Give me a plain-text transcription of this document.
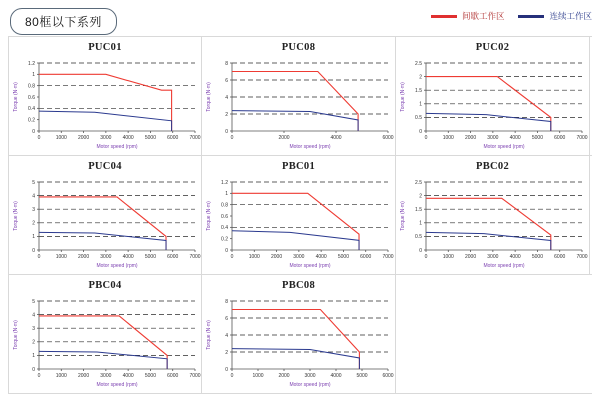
80框以下系列	间歇工作区	连续工作区
PUC01
0
0.2
0.4
0.6
0.8
1
1.2
0	1000 2000 3000 4000 5000 6000 7000
Motor speed (rpm)
Torque (N·m)
PUC08
0
2
4
6
8
0	2000	4000	6000
Motor speed (rpm)
Torque (N·m)
PUC02
0
0.5
1
1.5
2
2.5
0	1000 2000 3000 4000 5000 6000 7000
Motor speed (rpm)
Torque (N·m)
PUC04
0
1
2
3
4
5
0	1000 2000 3000 4000 5000 6000 7000
Motor speed (rpm)
Torque (N·m)
PBC01
0
0.2
0.4
0.6
0.8
1
1.2
0	1000 2000 3000 4000 5000 6000 7000
Motor speed (rpm)
Torque (N·m)
PBC02
0
0.5
1
1.5
2
2.5
0	1000 2000 3000 4000 5000 6000 7000
Motor speed (rpm)
Torque (N·m)
PBC04
0
1
2
3
4
5
0	1000 2000 3000 4000 5000 6000 7000
Motor speed (rpm)
Torque (N·m)
PBC08
0
2
4
6
8
0	1000	2000	3000	4000	5000	6000
Motor speed (rpm)
Torque (N·m)
